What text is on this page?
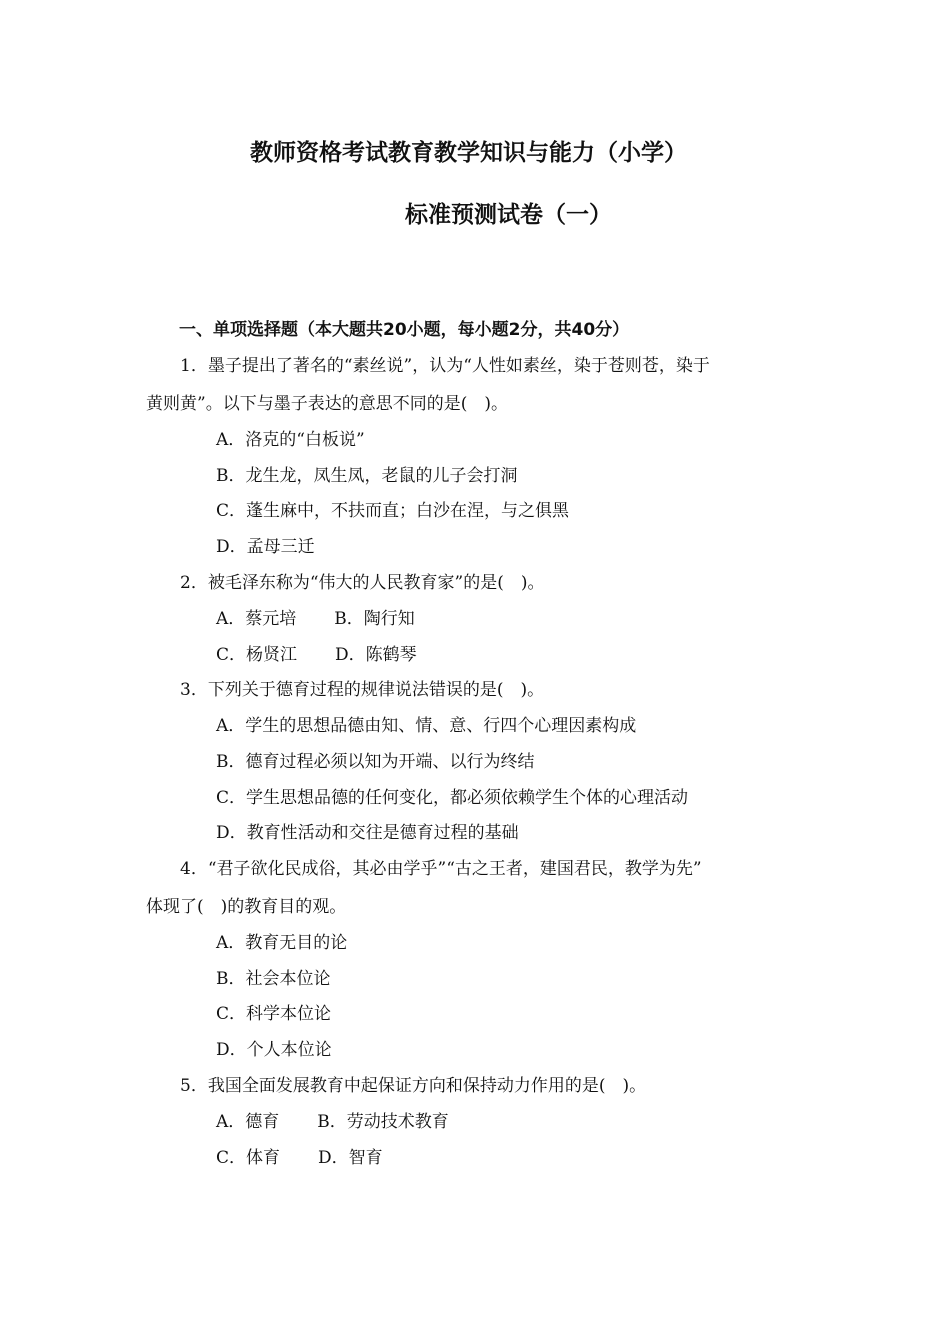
教师资格考试教育教学知识与能力（小学）
标准预测试卷（一）
一、单项选择题（本大题共20小题，每小题2分，共40分）
1．墨子提出了著名的“素丝说”，认为“人性如素丝，染于苍则苍，染于
黄则黄”。以下与墨子表达的意思不同的是(　)。
A．洛克的“白板说”
B．龙生龙，凤生凤，老鼠的儿子会打洞
C．蓬生麻中，不扶而直；白沙在涅，与之俱黑
D．孟母三迁
2．被毛泽东称为“伟大的人民教育家”的是(　)。
A．蔡元培 B．陶行知
C．杨贤江 D．陈鹤琴
3．下列关于德育过程的规律说法错误的是(　)。
A．学生的思想品德由知、情、意、行四个心理因素构成
B．德育过程必须以知为开端、以行为终结
C．学生思想品德的任何变化，都必须依赖学生个体的心理活动
D．教育性活动和交往是德育过程的基础
4．“君子欲化民成俗，其必由学乎”“古之王者，建国君民，教学为先”
体现了(　)的教育目的观。
A．教育无目的论
B．社会本位论
C．科学本位论
D．个人本位论
5．我国全面发展教育中起保证方向和保持动力作用的是(　)。
A．德育 B．劳动技术教育
C．体育 D．智育
